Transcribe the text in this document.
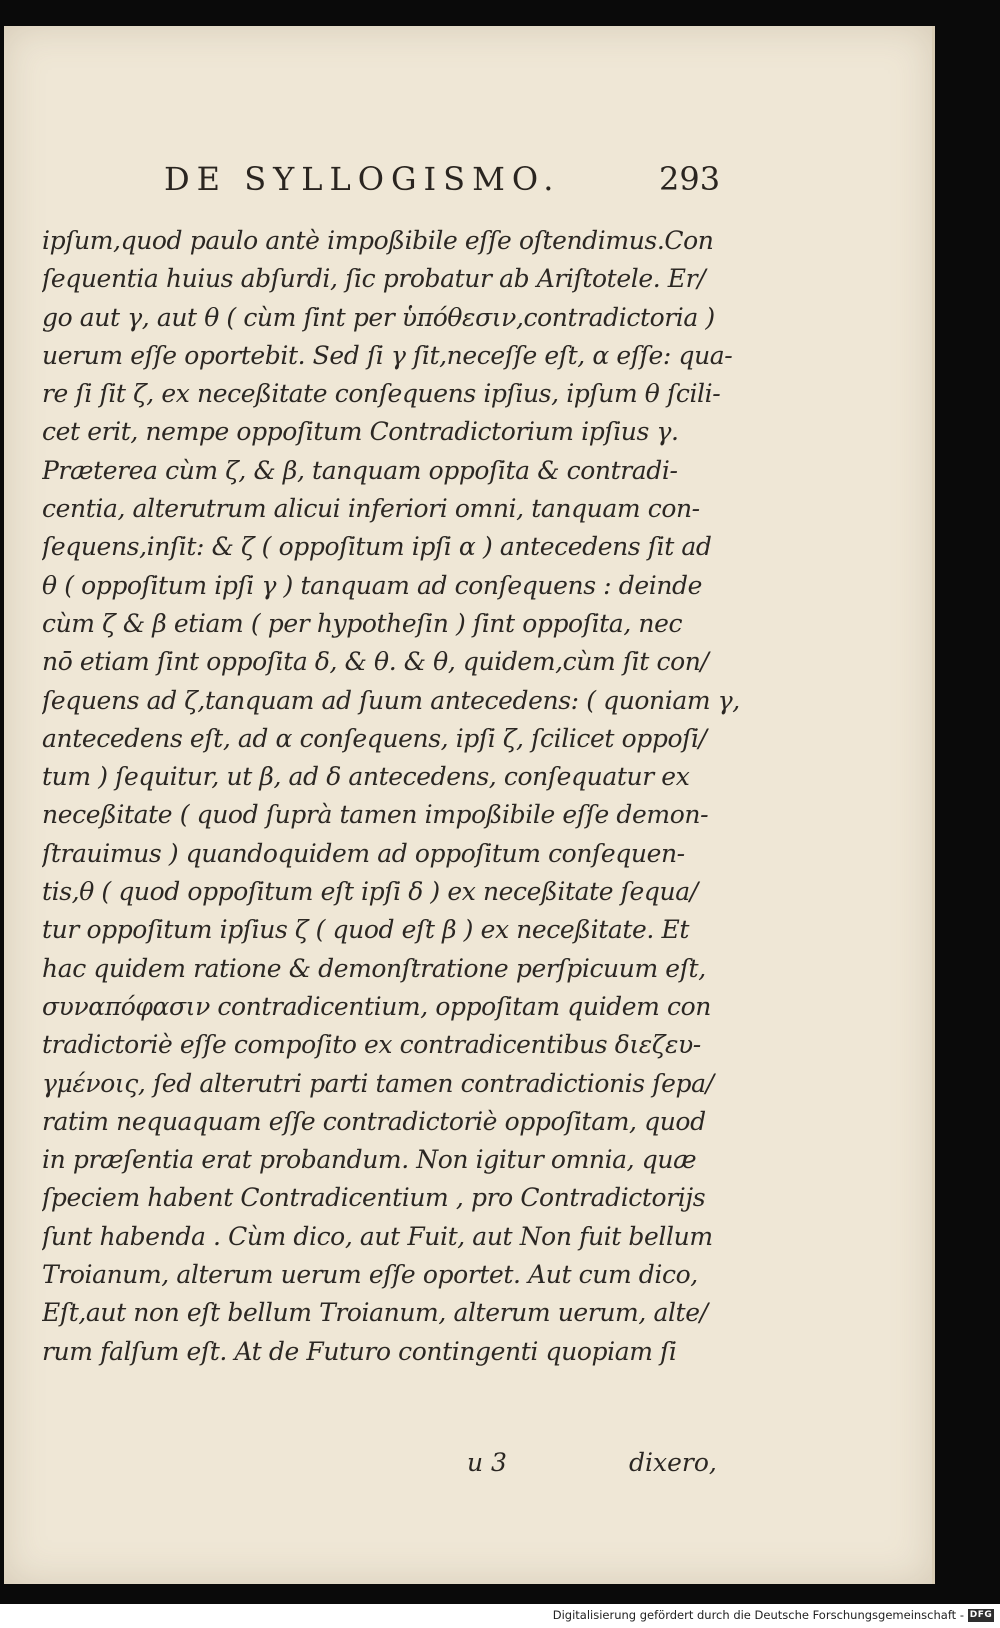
DE SYLLOGISMO.	293
ipſum,quod paulo antè impoßibile eſſe oſtendimus.Con
ſequentia huius abſurdi, ſic probatur ab Ariſtotele. Er/
go aut γ, aut θ ( cùm ſint per ὑπόθεσιν,contradictoria )
uerum eſſe oportebit. Sed ſi γ ſit,neceſſe eſt, α eſſe: qua-
re ſi ſit ζ, ex neceßitate conſequens ipſius, ipſum θ ſcili-
cet erit, nempe oppoſitum Contradictorium ipſius γ.
Præterea cùm ζ, & β, tanquam oppoſita & contradi-
centia, alterutrum alicui inferiori omni, tanquam con-
ſequens,inſit: & ζ ( oppoſitum ipſi α ) antecedens ſit ad
θ ( oppoſitum ipſi γ ) tanquam ad conſequens : deinde
cùm ζ & β etiam ( per hypotheſin ) ſint oppoſita, nec
nō etiam ſint oppoſita δ, & θ. & θ, quidem,cùm ſit con/
ſequens ad ζ,tanquam ad ſuum antecedens: ( quoniam γ,
antecedens eſt, ad α conſequens, ipſi ζ, ſcilicet oppoſi/
tum ) ſequitur, ut β, ad δ antecedens, conſequatur ex
neceßitate ( quod ſuprà tamen impoßibile eſſe demon-
ſtrauimus ) quandoquidem ad oppoſitum conſequen-
tis,θ ( quod oppoſitum eſt ipſi δ ) ex neceßitate ſequa/
tur oppoſitum ipſius ζ ( quod eſt β ) ex neceßitate. Et
hac quidem ratione & demonſtratione perſpicuum eſt,
συναπόφασιν contradicentium, oppoſitam quidem con
tradictoriè eſſe compoſito ex contradicentibus διεζευ-
γμένοις, ſed alterutri parti tamen contradictionis ſepa/
ratim nequaquam eſſe contradictoriè oppoſitam, quod
in præſentia erat probandum. Non igitur omnia, quæ
ſpeciem habent Contradicentium , pro Contradictorijs
ſunt habenda . Cùm dico, aut Fuit, aut Non fuit bellum
Troianum, alterum uerum eſſe oportet. Aut cum dico,
Eſt,aut non eſt bellum Troianum, alterum uerum, alte/
rum falſum eſt. At de Futuro contingenti quopiam ſi
u 3	dixero,
Digitalisierung gefördert durch die Deutsche Forschungsgemeinschaft - DFG
